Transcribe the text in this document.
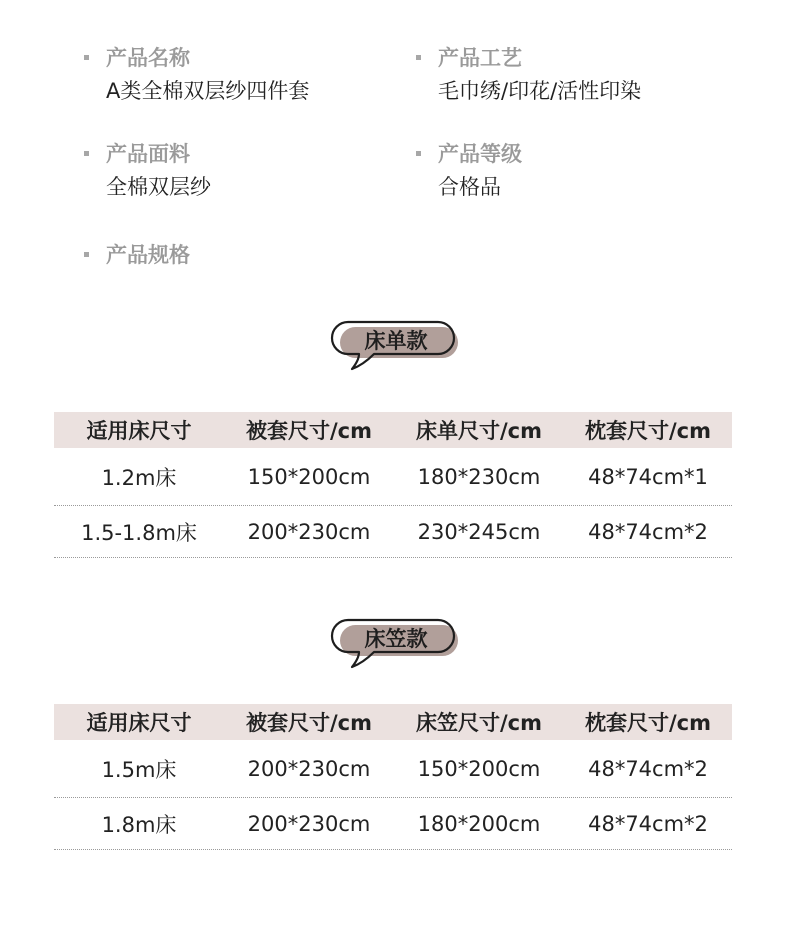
产品名称
A类全棉双层纱四件套
产品工艺
毛巾绣/印花/活性印染
产品面料
全棉双层纱
产品等级
合格品
产品规格
床单款
适用床尺寸	被套尺寸/cm	床单尺寸/cm	枕套尺寸/cm
1.2m床	150*200cm	180*230cm	48*74cm*1
1.5-1.8m床	200*230cm	230*245cm	48*74cm*2
床笠款
适用床尺寸	被套尺寸/cm	床笠尺寸/cm	枕套尺寸/cm
1.5m床	200*230cm	150*200cm	48*74cm*2
1.8m床	200*230cm	180*200cm	48*74cm*2
